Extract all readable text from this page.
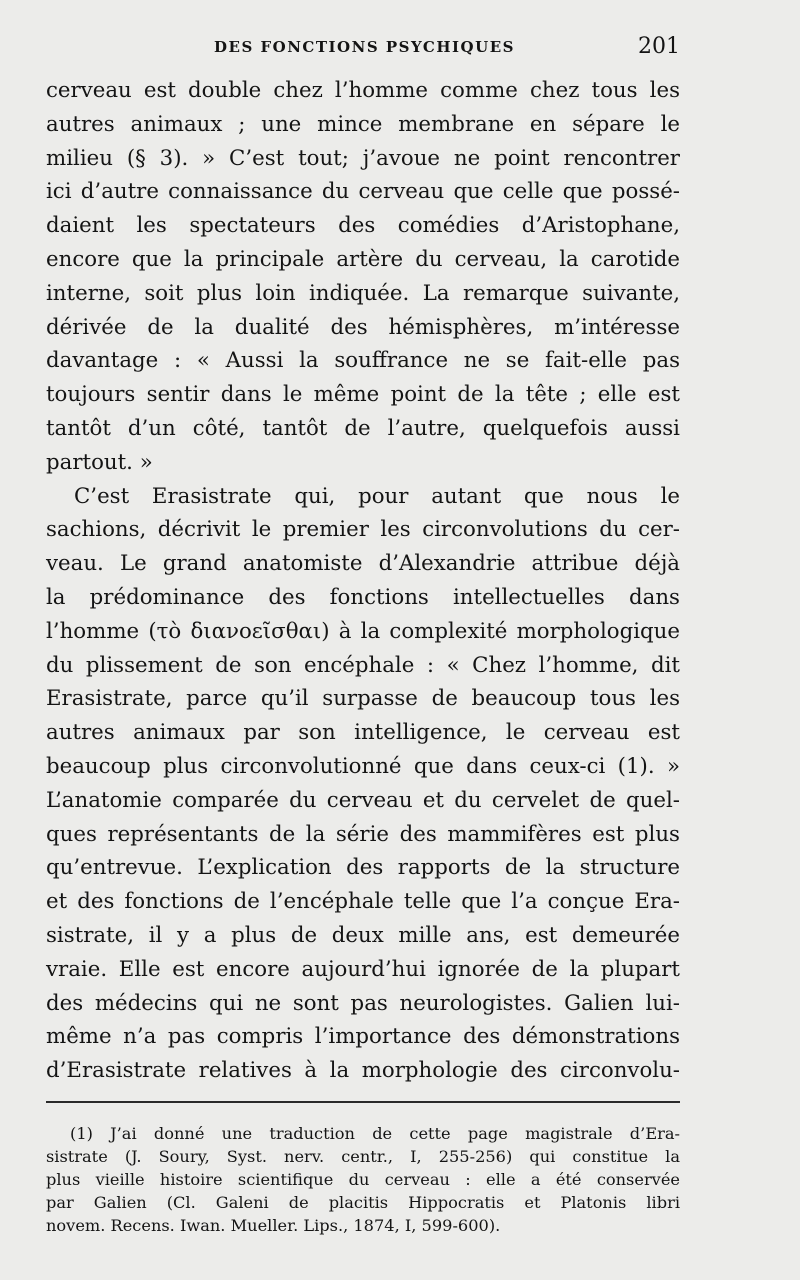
DES FONCTIONS PSYCHIQUES	201
cerveau est double chez l’homme comme chez tous les
autres animaux ; une mince membrane en sépare le
milieu (§ 3). » C’est tout; j’avoue ne point rencontrer
ici d’autre connaissance du cerveau que celle que possé-
daient les spectateurs des comédies d’Aristophane,
encore que la principale artère du cerveau, la carotide
interne, soit plus loin indiquée. La remarque suivante,
dérivée de la dualité des hémisphères, m’intéresse
davantage : « Aussi la souffrance ne se fait-elle pas
toujours sentir dans le même point de la tête ; elle est
tantôt d’un côté, tantôt de l’autre, quelquefois aussi
partout. »
C’est Erasistrate qui, pour autant que nous le
sachions, décrivit le premier les circonvolutions du cer-
veau. Le grand anatomiste d’Alexandrie attribue déjà
la prédominance des fonctions intellectuelles dans
l’homme (τὸ διανοεῖσθαι) à la complexité morphologique
du plissement de son encéphale : « Chez l’homme, dit
Erasistrate, parce qu’il surpasse de beaucoup tous les
autres animaux par son intelligence, le cerveau est
beaucoup plus circonvolutionné que dans ceux-ci (1). »
L’anatomie comparée du cerveau et du cervelet de quel-
ques représentants de la série des mammifères est plus
qu’entrevue. L’explication des rapports de la structure
et des fonctions de l’encéphale telle que l’a conçue Era-
sistrate, il y a plus de deux mille ans, est demeurée
vraie. Elle est encore aujourd’hui ignorée de la plupart
des médecins qui ne sont pas neurologistes. Galien lui-
même n’a pas compris l’importance des démonstrations
d’Erasistrate relatives à la morphologie des circonvolu-
(1) J’ai donné une traduction de cette page magistrale d’Era-
sistrate (J. Soury, Syst. nerv. centr., I, 255-256) qui constitue la
plus vieille histoire scientifique du cerveau : elle a été conservée
par Galien (Cl. Galeni de placitis Hippocratis et Platonis libri
novem. Recens. Iwan. Mueller. Lips., 1874, I, 599-600).
